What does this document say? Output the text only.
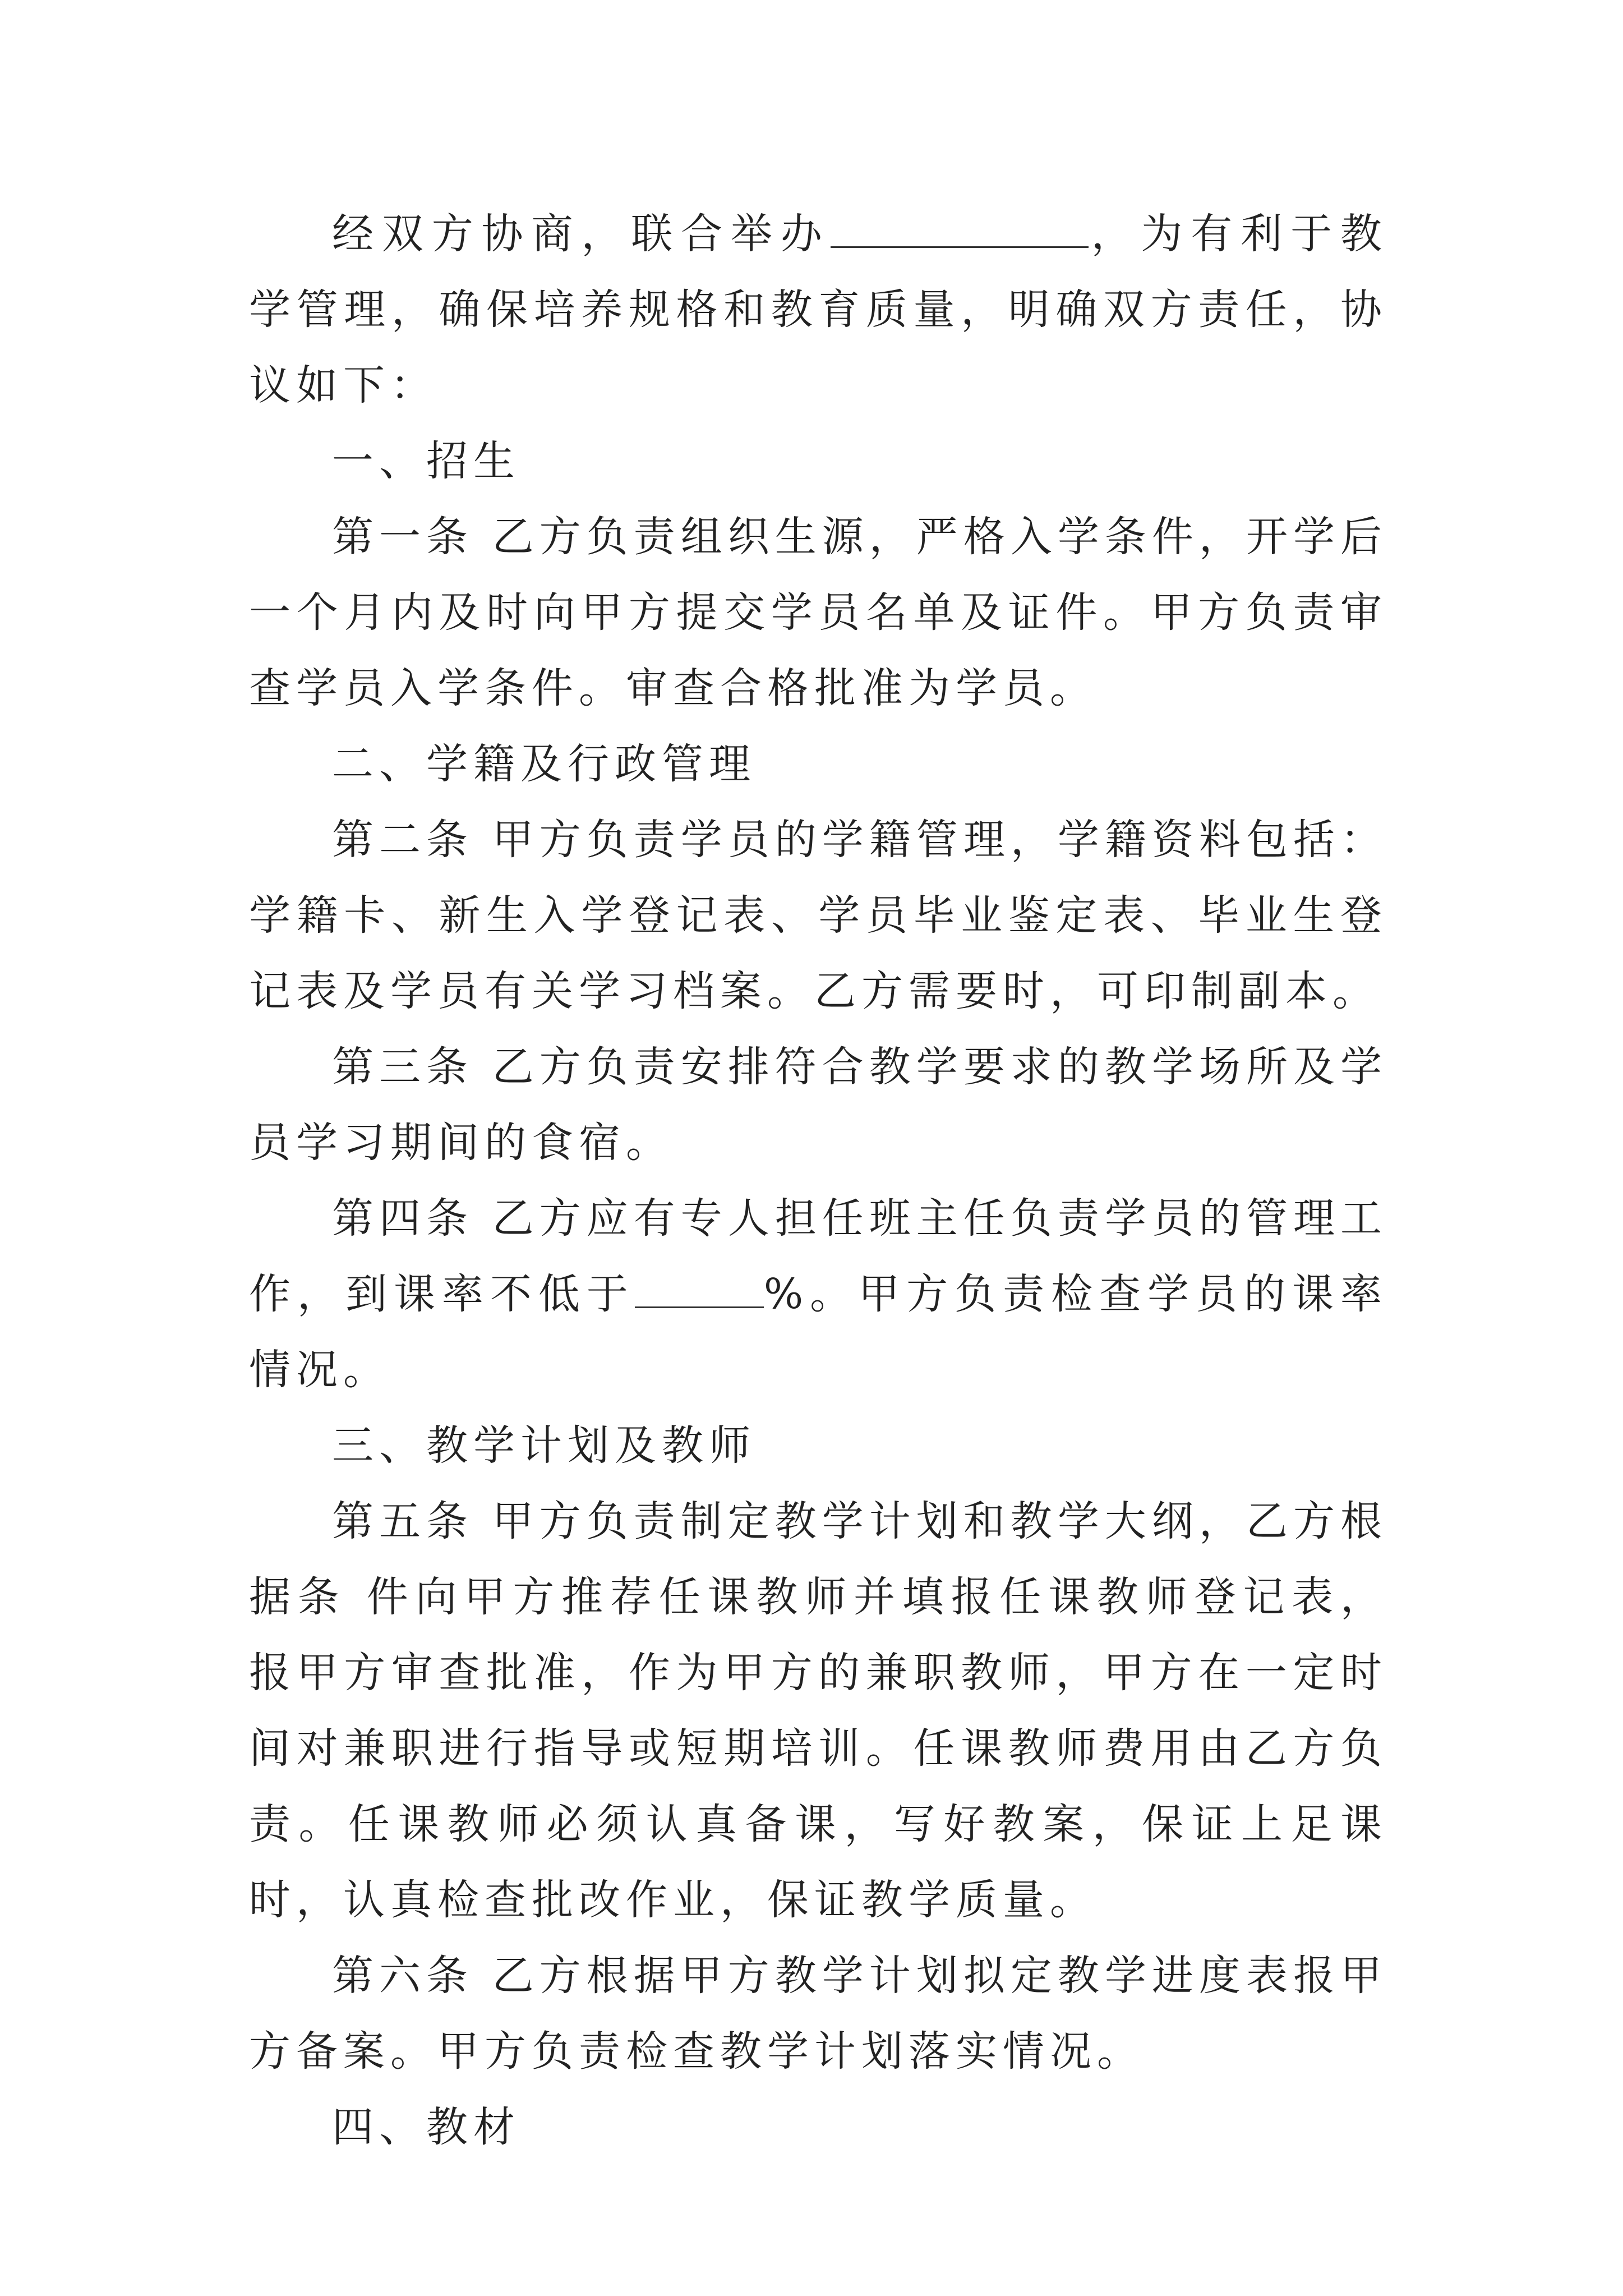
经双方协商，联合举办	，为有利于教学管理，确保培养规格和教育质量，明确双方责任，协议如下：

一、招生

第一条 乙方负责组织生源，严格入学条件，开学后一个月内及时向甲方提交学员名单及证件。甲方负责审查学员入学条件。审查合格批准为学员。

二、学籍及行政管理

第二条 甲方负责学员的学籍管理，学籍资料包括：学籍卡、新生入学登记表、学员毕业鉴定表、毕业生登记表及学员有关学习档案。乙方需要时，可印制副本。

第三条 乙方负责安排符合教学要求的教学场所及学员学习期间的食宿。

第四条 乙方应有专人担任班主任负责学员的管理工作，到课率不低于	%。甲方负责检查学员的课率情况。

三、教学计划及教师

第五条 甲方负责制定教学计划和教学大纲，乙方根据条 件向甲方推荐任课教师并填报任课教师登记表，报甲方审查批准，作为甲方的兼职教师，甲方在一定时间对兼职进行指导或短期培训。任课教师费用由乙方负责。任课教师必须认真备课，写好教案，保证上足课时，认真检查批改作业，保证教学质量。

第六条 乙方根据甲方教学计划拟定教学进度表报甲方备案。甲方负责检查教学计划落实情况。

四、教材
